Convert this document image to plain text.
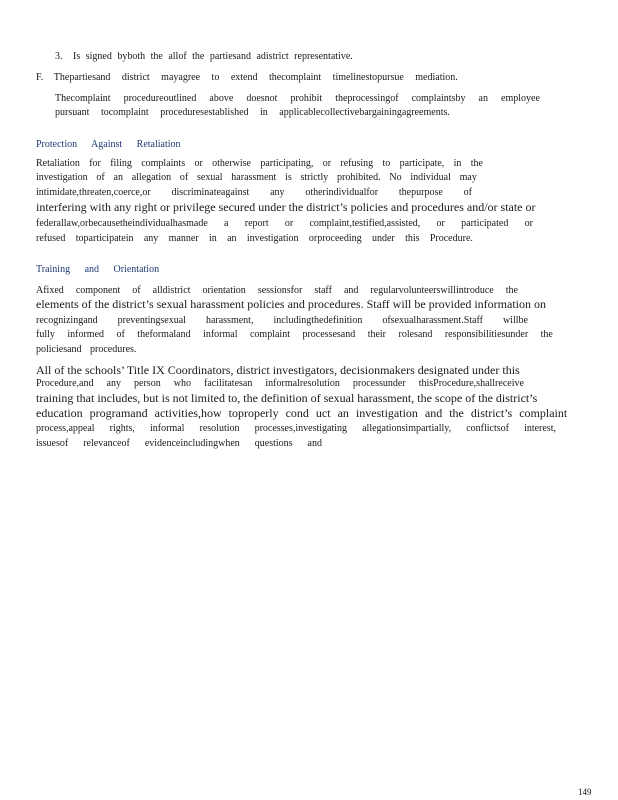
3. Is signed byboth the allof the partiesand adistrict representative.
F. Thepartiesand district mayagree to extend thecomplaint timelinestopursue mediation.
Thecomplaint procedureoutlined above doesnot prohibit theprocessingof complaintsby an employee
pursuant tocomplaint proceduresestablished in applicablecollectivebargainingagreements.
Protection Against Retaliation
Retaliation for filing complaints or otherwise participating, or refusing to participate, in the
investigation of an allegation of sexual harassment is strictly prohibited. No individual may
intimidate,threaten,coerce,or discriminateagainst any otherindividualfor thepurpose of
interfering with any right or privilege secured under the district’s policies and procedures and/or state or
federallaw,orbecausetheindividualhasmade a report or complaint,testified,assisted, or participated or
refused toparticipatein any manner in an investigation orproceeding under this Procedure.
Training and Orientation
Afixed component of alldistrict orientation sessionsfor staff and regularvolunteerswillintroduce the
elements of the district’s sexual harassment policies and procedures. Staff will be provided information on
recognizingand preventingsexual harassment, includingthedefinition ofsexualharassment.Staff willbe
fully informed of theformaland informal complaint processesand their rolesand responsibilitiesunder the
policiesand procedures.
All of the schools’ Title IX Coordinators, district investigators, decisionmakers designated under this
Procedure,and any person who facilitatesan informalresolution processunder thisProcedure,shallreceive
training that includes, but is not limited to, the definition of sexual harassment, the scope of the district’s
education programand activities,how toproperly cond uct an investigation and the district’s complaint
process,appeal rights, informal resolution processes,investigating allegationsimpartially, conflictsof interest,
issuesof relevanceof evidenceincludingwhen questions and
149
